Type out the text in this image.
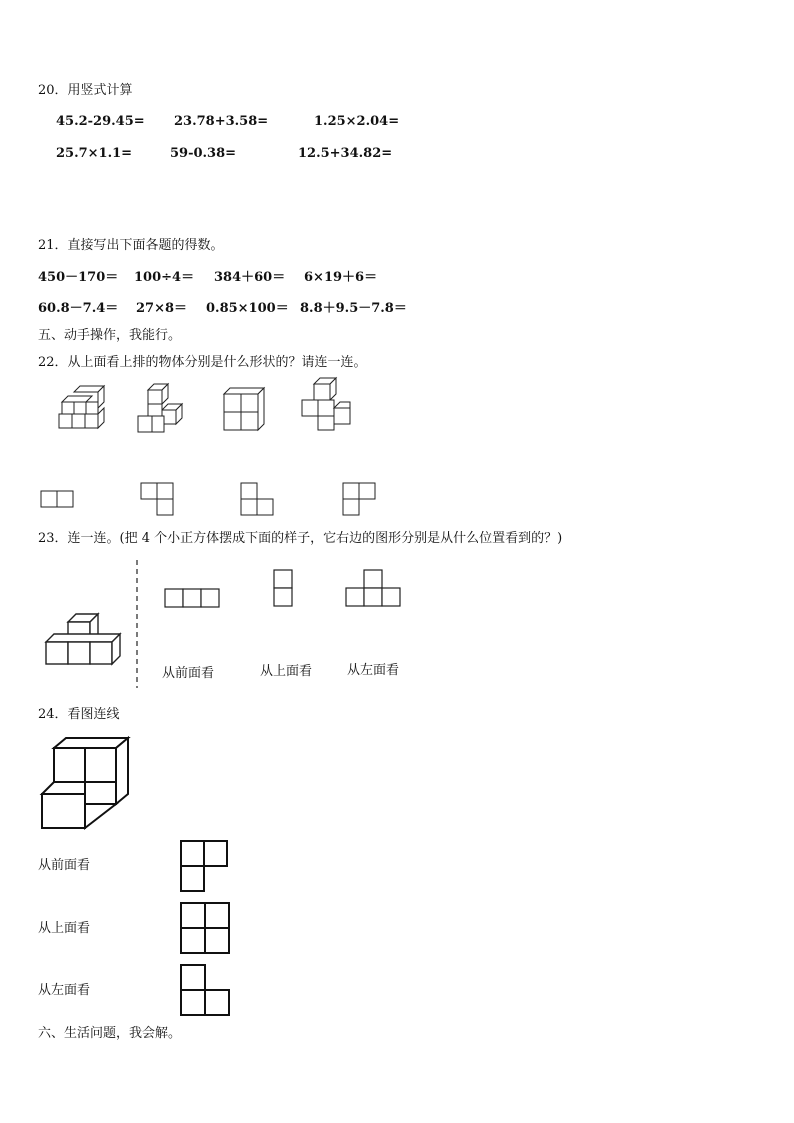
20．用竖式计算
45.2-29.45= 23.78+3.58=	1.25×2.04=
25.7×1.1=	59-0.38=	12.5+34.82=
21．直接写出下面各题的得数。
450－170＝ 100÷4＝ 384＋60＝ 6×19＋6＝
60.8－7.4＝ 27×8＝ 0.85×100＝ 8.8＋9.5－7.8＝
五、动手操作，我能行。
22．从上面看上排的物体分别是什么形状的？请连一连。
23．连一连。(把 4 个小正方体摆成下面的样子，它右边的图形分别是从什么位置看到的？)
从前面看	从上面看	从左面看
24．看图连线
从前面看
从上面看
从左面看
六、生活问题，我会解。
